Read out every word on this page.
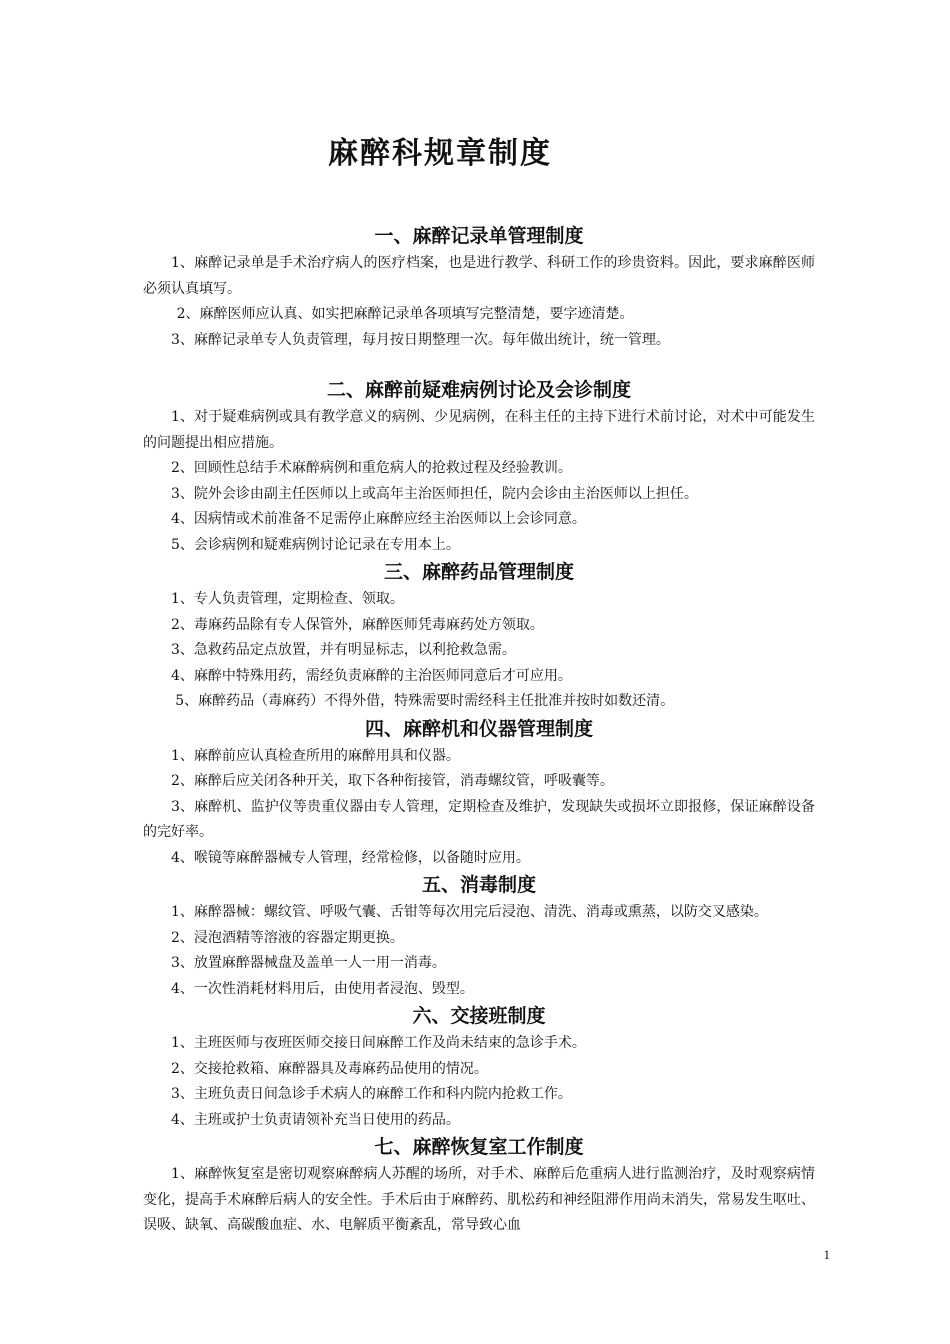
麻醉科规章制度
一、麻醉记录单管理制度

1、麻醉记录单是手术治疗病人的医疗档案，也是进行教学、科研工作的珍贵资料。因此，要求麻醉医师必须认真填写。

2、麻醉医师应认真、如实把麻醉记录单各项填写完整清楚，要字迹清楚。

3、麻醉记录单专人负责管理，每月按日期整理一次。每年做出统计，统一管理。

二、麻醉前疑难病例讨论及会诊制度

1、对于疑难病例或具有教学意义的病例、少见病例，在科主任的主持下进行术前讨论，对术中可能发生的问题提出相应措施。

2、回顾性总结手术麻醉病例和重危病人的抢救过程及经验教训。

3、院外会诊由副主任医师以上或高年主治医师担任，院内会诊由主治医师以上担任。

4、因病情或术前准备不足需停止麻醉应经主治医师以上会诊同意。

5、会诊病例和疑难病例讨论记录在专用本上。

三、麻醉药品管理制度

1、专人负责管理，定期检查、领取。

2、毒麻药品除有专人保管外，麻醉医师凭毒麻药处方领取。

3、急救药品定点放置，并有明显标志，以利抢救急需。

4、麻醉中特殊用药，需经负责麻醉的主治医师同意后才可应用。

5、麻醉药品（毒麻药）不得外借，特殊需要时需经科主任批准并按时如数还清。

四、麻醉机和仪器管理制度

1、麻醉前应认真检查所用的麻醉用具和仪器。

2、麻醉后应关闭各种开关，取下各种衔接管，消毒螺纹管，呼吸囊等。

3、麻醉机、监护仪等贵重仪器由专人管理，定期检查及维护，发现缺失或损坏立即报修，保证麻醉设备的完好率。

4、喉镜等麻醉器械专人管理，经常检修，以备随时应用。

五、消毒制度

1、麻醉器械：螺纹管、呼吸气囊、舌钳等每次用完后浸泡、清洗、消毒或熏蒸，以防交叉感染。

2、浸泡酒精等溶液的容器定期更换。

3、放置麻醉器械盘及盖单一人一用一消毒。

4、一次性消耗材料用后，由使用者浸泡、毁型。

六、交接班制度

1、主班医师与夜班医师交接日间麻醉工作及尚未结束的急诊手术。

2、交接抢救箱、麻醉器具及毒麻药品使用的情况。

3、主班负责日间急诊手术病人的麻醉工作和科内院内抢救工作。

4、主班或护士负责请领补充当日使用的药品。

七、麻醉恢复室工作制度

1、麻醉恢复室是密切观察麻醉病人苏醒的场所，对手术、麻醉后危重病人进行监测治疗，及时观察病情变化，提高手术麻醉后病人的安全性。手术后由于麻醉药、肌松药和神经阻滞作用尚未消失，常易发生呕吐、误吸、缺氧、高碳酸血症、水、电解质平衡紊乱，常导致心血

1
